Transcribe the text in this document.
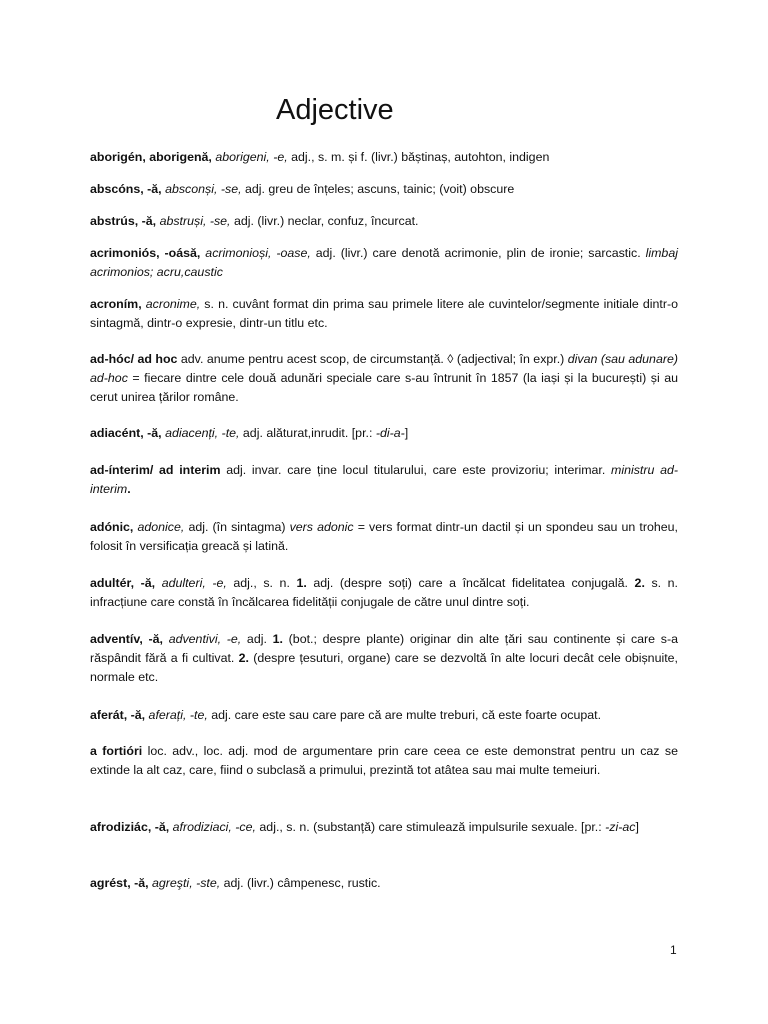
Adjective

aborigén, aborigenă, aborigeni, -e, adj., s. m. și f. (livr.) băștinaș, autohton, indigen

abscóns, -ă, absconși, -se, adj. greu de înțeles; ascuns, tainic; (voit) obscure

abstrús, -ă, abstruși, -se, adj. (livr.) neclar, confuz, încurcat.

acrimoniós, -oásă, acrimonioși, -oase, adj. (livr.) care denotă acrimonie, plin de ironie; sarcastic. limbaj acrimonios; acru,caustic

acroním, acronime, s. n. cuvânt format din prima sau primele litere ale cuvintelor/segmente initiale dintr-o sintagmă, dintr-o expresie, dintr-un titlu etc.

ad-hóc/ ad hoc adv. anume pentru acest scop, de circumstanță. ◊ (adjectival; în expr.) divan (sau adunare) ad-hoc = fiecare dintre cele două adunări speciale care s-au întrunit în 1857 (la iași și la bucurești) și au cerut unirea țărilor române.

adiacént, -ă, adiacenți, -te, adj. alăturat,inrudit. [pr.: -di-a-]

ad-ínterim/ ad interim adj. invar. care ține locul titularului, care este provizoriu; interimar. ministru ad-interim.

adónic, adonice, adj. (în sintagma) vers adonic = vers format dintr-un dactil și un spondeu sau un troheu, folosit în versificația greacă și latină.

adultér, -ă, adulteri, -e, adj., s. n. 1. adj. (despre soți) care a încălcat fidelitatea conjugală. 2. s. n. infracțiune care constă în încălcarea fidelității conjugale de către unul dintre soți.

adventív, -ă, adventivi, -e, adj. 1. (bot.; despre plante) originar din alte țări sau continente și care s-a răspândit fără a fi cultivat. 2. (despre țesuturi, organe) care se dezvoltă în alte locuri decât cele obișnuite, normale etc.

aferát, -ă, aferați, -te, adj. care este sau care pare că are multe treburi, că este foarte ocupat.

a fortióri loc. adv., loc. adj. mod de argumentare prin care ceea ce este demonstrat pentru un caz se extinde la alt caz, care, fiind o subclasă a primului, prezintă tot atâtea sau mai multe temeiuri.

afrodiziác, -ă, afrodiziaci, -ce, adj., s. n. (substanță) care stimulează impulsurile sexuale. [pr.: -zi-ac]

agrést, -ă, agreşti, -ste, adj. (livr.) câmpenesc, rustic.

1
